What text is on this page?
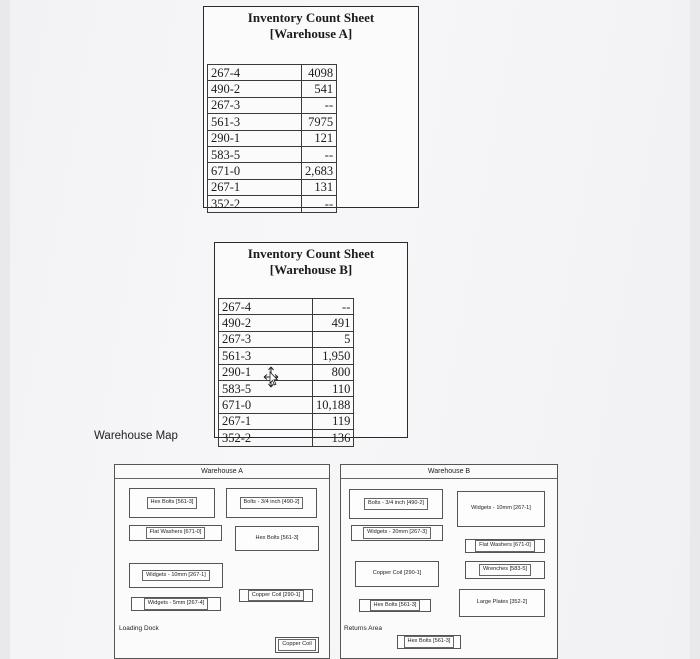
Inventory Count Sheet
[Warehouse A]
267-4	4098
490-2	541
267-3	--
561-3	7975
290-1	121
583-5	--
671-0	2,683
267-1	131
352-2	--
Inventory Count Sheet
[Warehouse B]
267-4	--
490-2	491
267-3	5
561-3	1,950
290-1	800
583-5	110
671-0	10,188
267-1	119
352-2	136
Warehouse Map
Warehouse A
Hex Bolts [561-3]	Bolts - 3/4 inch [490-2]
Flat Washers [671-0]
Hex Bolts [561-3]
Widgets - 10mm [267-1]
Copper Coil [290-1]
Widgets - 5mm [267-4]
Loading Dock
Copper Coil
Warehouse B
Bolts - 3/4 inch [490-2]
Widgets - 10mm [267-1]
Widgets - 20mm [267-3]
Flat Washers [671-0]
Copper Coil [290-1]
Wrenches [583-5]
Hex Bolts [561-3]	Large Plates [352-2]
Returns Area
Hex Bolts [561-3]
